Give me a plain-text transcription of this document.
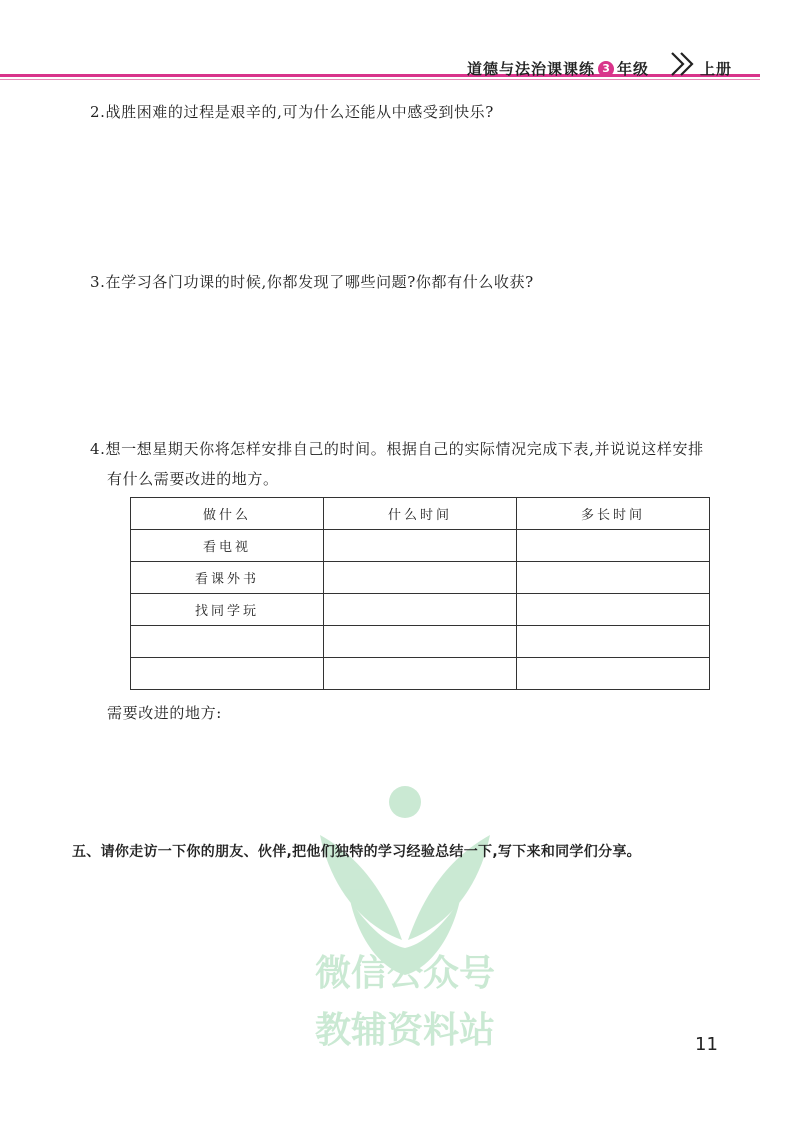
道德与法治课课练 3 年级	上册
2.战胜困难的过程是艰辛的,可为什么还能从中感受到快乐?
3.在学习各门功课的时候,你都发现了哪些问题?你都有什么收获?
4.想一想星期天你将怎样安排自己的时间。根据自己的实际情况完成下表,并说说这样安排
有什么需要改进的地方。
做什么	什么时间	多长时间
看电视		
看课外书		
找同学玩		

需要改进的地方:
微信公众号
教辅资料站
五、请你走访一下你的朋友、伙伴,把他们独特的学习经验总结一下,写下来和同学们分享。
11
